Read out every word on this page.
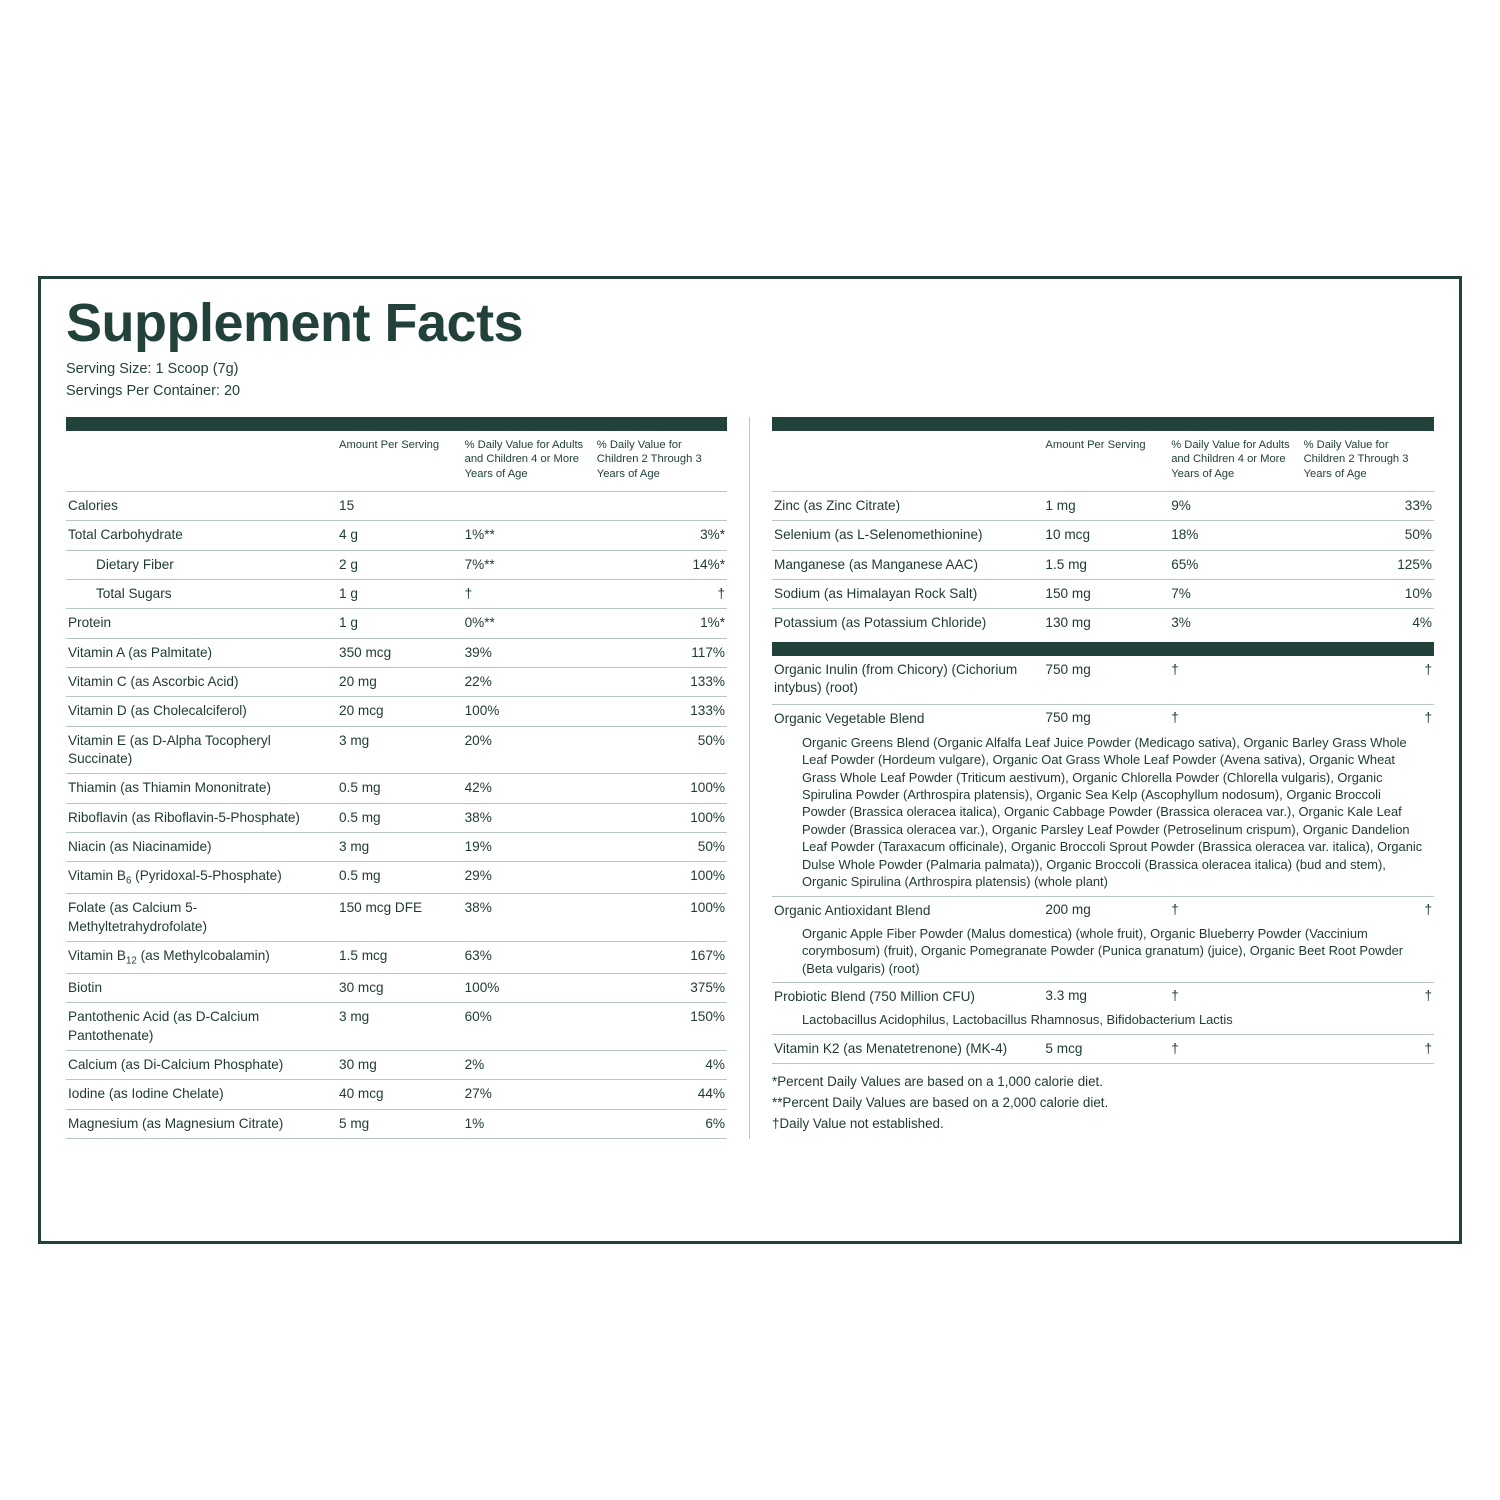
Supplement Facts
Serving Size: 1 Scoop (7g)
Servings Per Container: 20
	Amount Per Serving	% Daily Value for Adults and Children 4 or More Years of Age	% Daily Value for Children 2 Through 3 Years of Age
Calories	15		
Total Carbohydrate	4 g	1%**	3%*
Dietary Fiber	2 g	7%**	14%*
Total Sugars	1 g	†	†
Protein	1 g	0%**	1%*
Vitamin A (as Palmitate)	350 mcg	39%	117%
Vitamin C (as Ascorbic Acid)	20 mg	22%	133%
Vitamin D (as Cholecalciferol)	20 mcg	100%	133%
Vitamin E (as D-Alpha Tocopheryl Succinate)	3 mg	20%	50%
Thiamin (as Thiamin Mononitrate)	0.5 mg	42%	100%
Riboflavin (as Riboflavin-5-Phosphate)	0.5 mg	38%	100%
Niacin (as Niacinamide)	3 mg	19%	50%
Vitamin $B_6$ (Pyridoxal-5-Phosphate)	0.5 mg	29%	100%
Folate (as Calcium 5-Methyltetrahydrofolate)	150 mcg DFE	38%	100%
Vitamin $B_{12}$ (as Methylcobalamin)	1.5 mcg	63%	167%
Biotin	30 mcg	100%	375%
Pantothenic Acid (as D-Calcium Pantothenate)	3 mg	60%	150%
Calcium (as Di-Calcium Phosphate)	30 mg	2%	4%
Iodine (as Iodine Chelate)	40 mcg	27%	44%
Magnesium (as Magnesium Citrate)	5 mg	1%	6%
	Amount Per Serving	% Daily Value for Adults and Children 4 or More Years of Age	% Daily Value for Children 2 Through 3 Years of Age
Zinc (as Zinc Citrate)	1 mg	9%	33%
Selenium (as L-Selenomethionine)	10 mcg	18%	50%
Manganese (as Manganese AAC)	1.5 mg	65%	125%
Sodium (as Himalayan Rock Salt)	150 mg	7%	10%
Potassium (as Potassium Chloride)	130 mg	3%	4%
Organic Inulin (from Chicory) (Cichorium intybus) (root)	750 mg	†	†

Organic Vegetable Blend	750 mg	†	†
Organic Greens Blend (Organic Alfalfa Leaf Juice Powder (Medicago sativa), Organic Barley Grass Whole Leaf Powder (Hordeum vulgare), Organic Oat Grass Whole Leaf Powder (Avena sativa), Organic Wheat Grass Whole Leaf Powder (Triticum aestivum), Organic Chlorella Powder (Chlorella vulgaris), Organic Spirulina Powder (Arthrospira platensis), Organic Sea Kelp (Ascophyllum nodosum), Organic Broccoli Powder (Brassica oleracea italica), Organic Cabbage Powder (Brassica oleracea var.), Organic Kale Leaf Powder (Brassica oleracea var.), Organic Parsley Leaf Powder (Petroselinum crispum), Organic Dandelion Leaf Powder (Taraxacum officinale), Organic Broccoli Sprout Powder (Brassica oleracea var. italica), Organic Dulse Whole Powder (Palmaria palmata)), Organic Broccoli (Brassica oleracea italica) (bud and stem), Organic Spirulina (Arthrospira platensis) (whole plant)			
Organic Antioxidant Blend	200 mg	†	†
Organic Apple Fiber Powder (Malus domestica) (whole fruit), Organic Blueberry Powder (Vaccinium corymbosum) (fruit), Organic Pomegranate Powder (Punica granatum) (juice), Organic Beet Root Powder (Beta vulgaris) (root)			
Probiotic Blend (750 Million CFU)	3.3 mg	†	†
Lactobacillus Acidophilus, Lactobacillus Rhamnosus, Bifidobacterium Lactis			
Vitamin K2 (as Menatetrenone) (MK-4)	5 mcg	†	†
*Percent Daily Values are based on a 1,000 calorie diet.
**Percent Daily Values are based on a 2,000 calorie diet.
†Daily Value not established.
